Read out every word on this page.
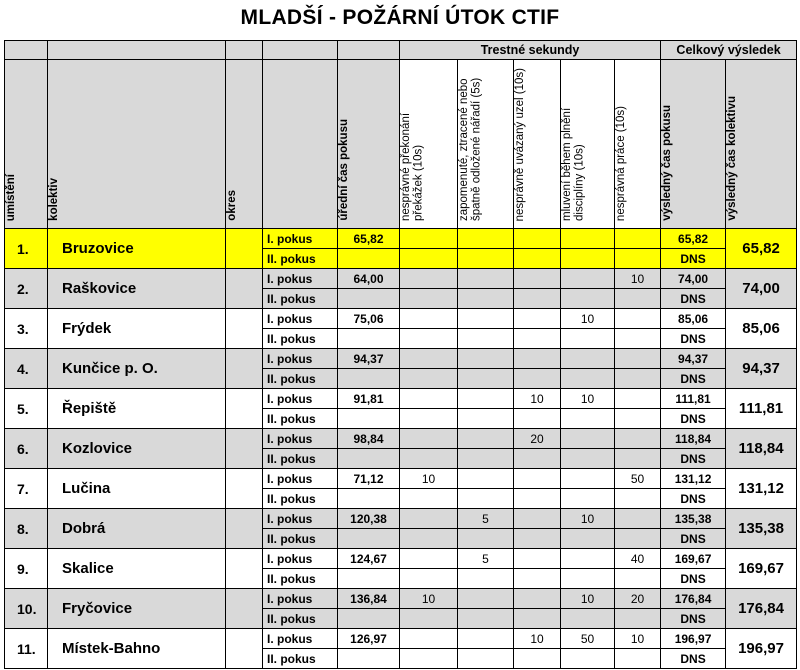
MLADŠÍ - POŽÁRNÍ ÚTOK CTIF
					Trestné sekundy					Celkový výsledek	
umístění	kolektiv	okres		úřední čas pokusu	nesprávné překonání překážek (10s)	zapomenuté, ztracené nebo špatně odložené nářadí (5s)	nesprávně uvázaný uzel (10s)	mluvení během plnění disciplíny (10s)	nesprávná práce (10s)	výsledný čas pokusu	výsledný čas kolektivu
1.	Bruzovice		I. pokus	65,82						65,82	65,82
			II. pokus							DNS	
2.	Raškovice		I. pokus	64,00					10	74,00	74,00
			II. pokus							DNS	
3.	Frýdek		I. pokus	75,06				10		85,06	85,06
			II. pokus							DNS	
4.	Kunčice p. O.		I. pokus	94,37						94,37	94,37
			II. pokus							DNS	
5.	Řepiště		I. pokus	91,81			10	10		111,81	111,81
			II. pokus							DNS	
6.	Kozlovice		I. pokus	98,84			20			118,84	118,84
			II. pokus							DNS	
7.	Lučina		I. pokus	71,12	10				50	131,12	131,12
			II. pokus							DNS	
8.	Dobrá		I. pokus	120,38		5		10		135,38	135,38
			II. pokus							DNS	
9.	Skalice		I. pokus	124,67		5			40	169,67	169,67
			II. pokus							DNS	
10.	Fryčovice		I. pokus	136,84	10			10	20	176,84	176,84
			II. pokus							DNS	
11.	Místek-Bahno		I. pokus	126,97			10	50	10	196,97	196,97
			II. pokus							DNS	
